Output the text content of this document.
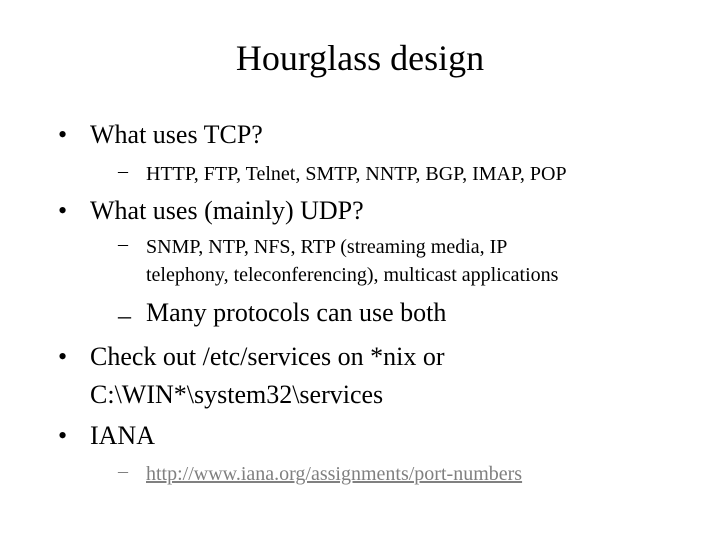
Hourglass design
• What uses TCP?
– HTTP, FTP, Telnet, SMTP, NNTP, BGP, IMAP, POP
• What uses (mainly) UDP?
– SNMP, NTP, NFS, RTP (streaming media, IP
telephony, teleconferencing), multicast applications
– Many protocols can use both
• Check out /etc/services on *nix or
C:\WIN*\system32\services
• IANA
– http://www.iana.org/assignments/port-numbers
